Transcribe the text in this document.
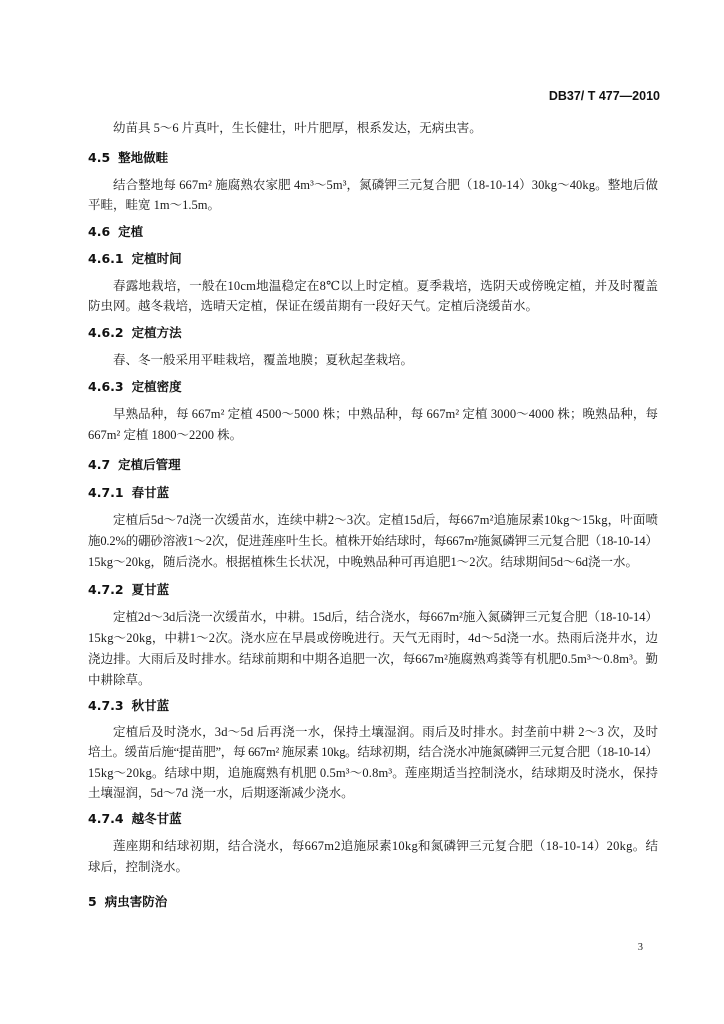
DB37/ T 477—2010
幼苗具 5～6 片真叶，生长健壮，叶片肥厚，根系发达，无病虫害。
4.5 整地做畦
结合整地每 667m² 施腐熟农家肥 4m³～5m³，氮磷钾三元复合肥（18-10-14）30kg～40kg。整地后做
平畦，畦宽 1m～1.5m。
4.6 定植
4.6.1 定植时间
春露地栽培，一般在10cm地温稳定在8℃以上时定植。夏季栽培，选阴天或傍晚定植，并及时覆盖
防虫网。越冬栽培，选晴天定植，保证在缓苗期有一段好天气。定植后浇缓苗水。
4.6.2 定植方法
春、冬一般采用平畦栽培，覆盖地膜；夏秋起垄栽培。
4.6.3 定植密度
早熟品种，每 667m² 定植 4500～5000 株；中熟品种，每 667m² 定植 3000～4000 株；晚熟品种，每
667m² 定植 1800～2200 株。
4.7 定植后管理
4.7.1 春甘蓝
定植后5d～7d浇一次缓苗水，连续中耕2～3次。定植15d后，每667m²追施尿素10kg～15kg，叶面喷
施0.2%的硼砂溶液1～2次，促进莲座叶生长。植株开始结球时，每667m²施氮磷钾三元复合肥（18-10-14）
15kg～20kg，随后浇水。根据植株生长状况，中晚熟品种可再追肥1～2次。结球期间5d～6d浇一水。
4.7.2 夏甘蓝
定植2d～3d后浇一次缓苗水，中耕。15d后，结合浇水，每667m²施入氮磷钾三元复合肥（18-10-14）
15kg～20kg，中耕1～2次。浇水应在早晨或傍晚进行。天气无雨时，4d～5d浇一水。热雨后浇井水，边
浇边排。大雨后及时排水。结球前期和中期各追肥一次，每667m²施腐熟鸡粪等有机肥0.5m³～0.8m³。勤
中耕除草。
4.7.3 秋甘蓝
定植后及时浇水，3d～5d 后再浇一水，保持土壤湿润。雨后及时排水。封垄前中耕 2～3 次，及时
培土。缓苗后施“提苗肥”，每 667m² 施尿素 10kg。结球初期，结合浇水冲施氮磷钾三元复合肥（18-10-14）
15kg～20kg。结球中期，追施腐熟有机肥 0.5m³～0.8m³。莲座期适当控制浇水，结球期及时浇水，保持
土壤湿润，5d～7d 浇一水，后期逐渐减少浇水。
4.7.4 越冬甘蓝
莲座期和结球初期，结合浇水，每667m2追施尿素10kg和氮磷钾三元复合肥（18-10-14）20kg。结
球后，控制浇水。
5 病虫害防治
3
